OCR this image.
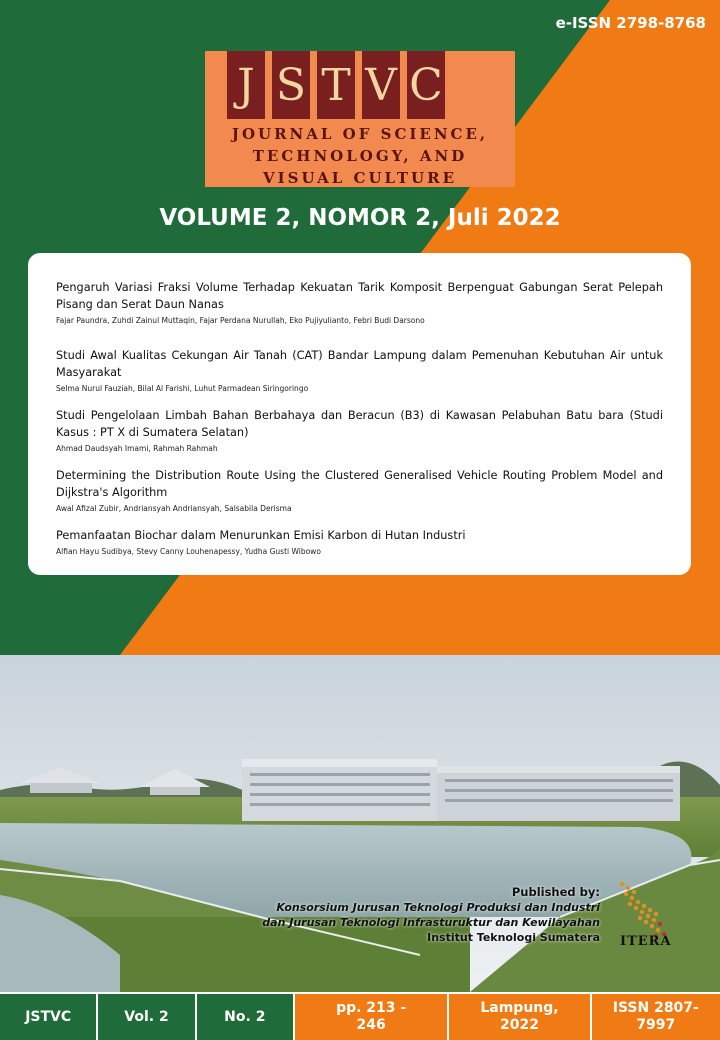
e-ISSN 2798-8768
J S T V C
JOURNAL OF SCIENCE,
TECHNOLOGY, AND
VISUAL CULTURE
VOLUME 2, NOMOR 2, Juli 2022
Pengaruh Variasi Fraksi Volume Terhadap Kekuatan Tarik Komposit Berpenguat Gabungan Serat Pelepah Pisang dan Serat Daun Nanas
Fajar Paundra, Zuhdi Zainul Muttaqin, Fajar Perdana Nurullah, Eko Pujiyulianto, Febri Budi Darsono
Studi Awal Kualitas Cekungan Air Tanah (CAT) Bandar Lampung dalam Pemenuhan Kebutuhan Air untuk Masyarakat
Selma Nurul Fauziah, Bilal Al Farishi, Luhut Parmadean Siringoringo
Studi Pengelolaan Limbah Bahan Berbahaya dan Beracun (B3) di Kawasan Pelabuhan Batu bara (Studi Kasus : PT X di Sumatera Selatan)
Ahmad Daudsyah Imami, Rahmah Rahmah
Determining the Distribution Route Using the Clustered Generalised Vehicle Routing Problem Model and Dijkstra's Algorithm
Awal Afizal Zubir, Andriansyah Andriansyah, Salsabila Derisma
Pemanfaatan Biochar dalam Menurunkan Emisi Karbon di Hutan Industri
Alfian Hayu Sudibya, Stevy Canny Louhenapessy, Yudha Gusti Wibowo
Published by:
Konsorsium Jurusan Teknologi Produksi dan Industri
dan Jurusan Teknologi Infrasturuktur dan Kewilayahan
Institut Teknologi Sumatera ITERA
JSTVC	Vol. 2	No. 2
pp. 213 - 246
Lampung, 2022
ISSN 2807-7997
